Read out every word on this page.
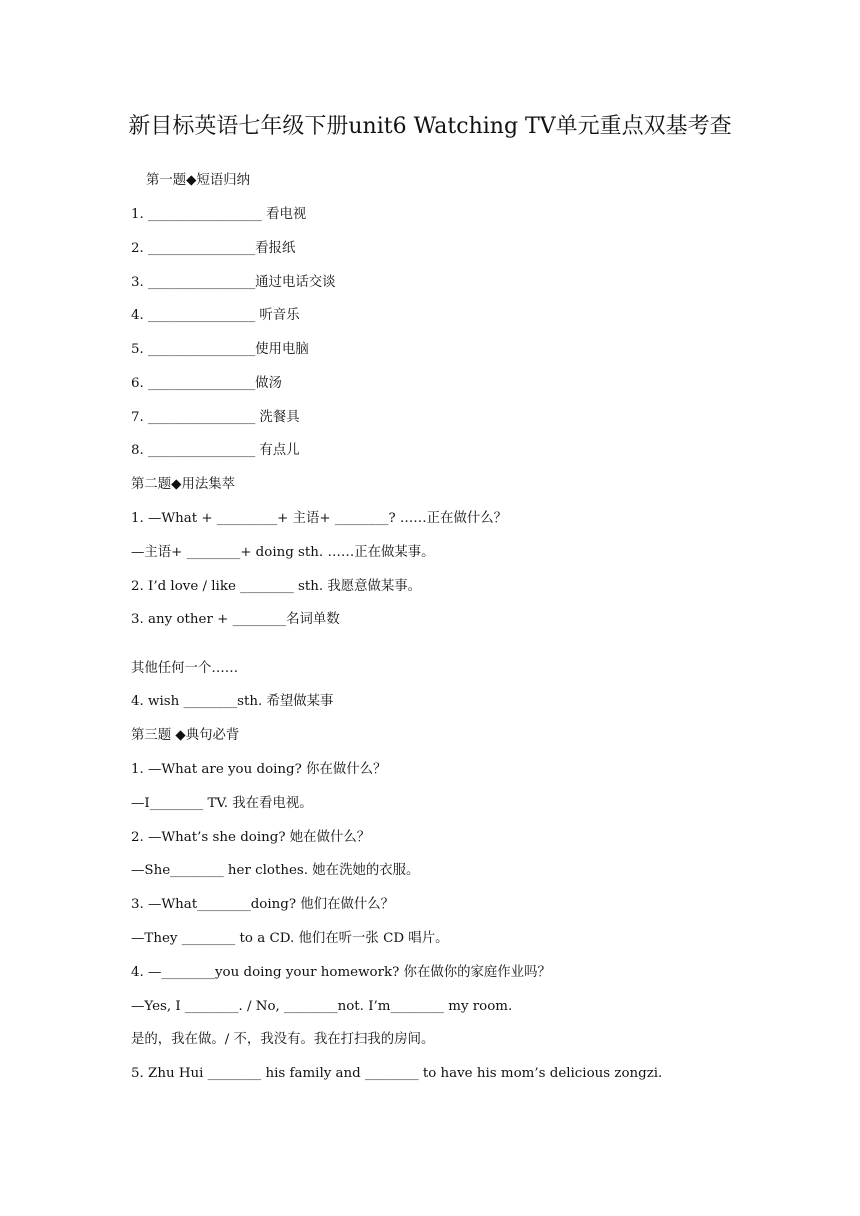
新目标英语七年级下册unit6 Watching TV单元重点双基考查
第一题◆短语归纳
1. _________________ 看电视
2. ________________看报纸
3. ________________通过电话交谈
4. ________________ 听音乐
5. ________________使用电脑
6. ________________做汤
7. ________________ 洗餐具
8. ________________ 有点儿
第二题◆用法集萃
1. —What + _________+ 主语+ ________? ……正在做什么？
—主语+ ________+ doing sth. ……正在做某事。
2. I’d love / like ________ sth. 我愿意做某事。
3. any other + ________名词单数
其他任何一个……
4. wish ________sth. 希望做某事
第三题 ◆典句必背
1. —What are you doing? 你在做什么？
—I________ TV. 我在看电视。
2. —What’s she doing? 她在做什么？
—She________ her clothes. 她在洗她的衣服。
3. —What________doing? 他们在做什么？
—They ________ to a CD. 他们在听一张 CD 唱片。
4. —________you doing your homework? 你在做你的家庭作业吗？
—Yes, I ________. / No, ________not. I’m________ my room.
是的，我在做。/ 不，我没有。我在打扫我的房间。
5. Zhu Hui ________ his family and ________ to have his mom’s delicious zongzi.
